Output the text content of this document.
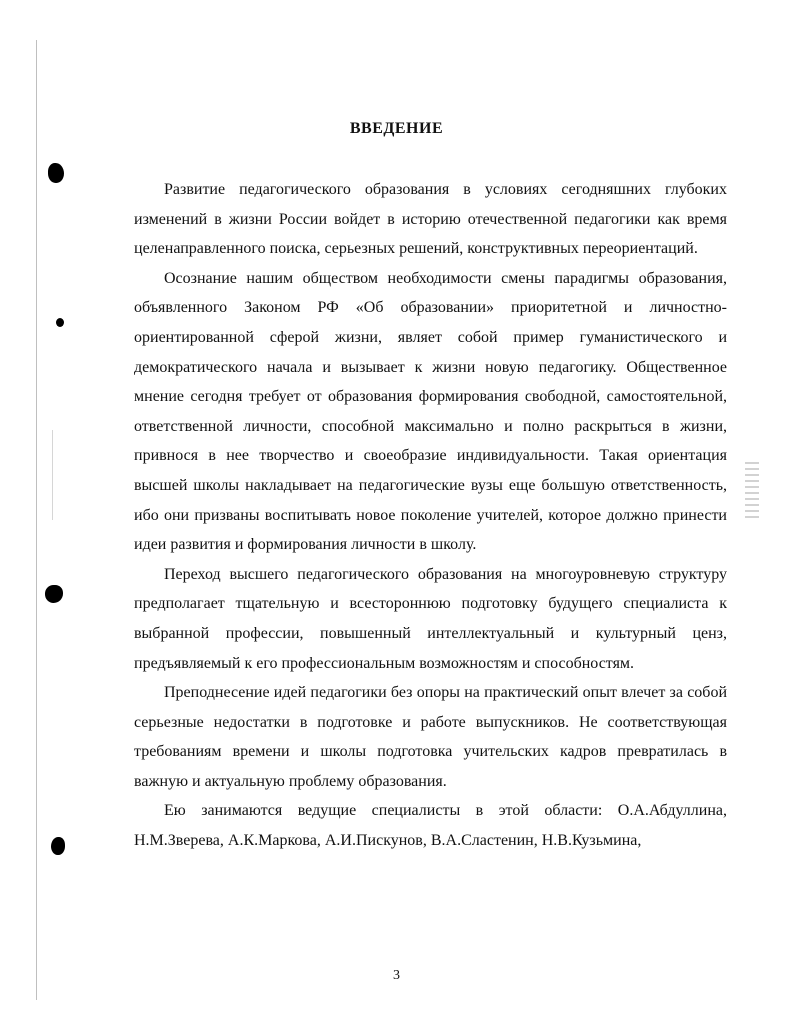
ВВЕДЕНИЕ

Развитие педагогического образования в условиях сегодняшних глубоких изменений в жизни России войдет в историю отечественной педагогики как время целенаправленного поиска, серьезных решений, конструктивных переориентаций.

Осознание нашим обществом необходимости смены парадигмы образования, объявленного Законом РФ «Об образовании» приоритетной и личностно-ориентированной сферой жизни, являет собой пример гуманистического и демократического начала и вызывает к жизни новую педагогику. Общественное мнение сегодня требует от образования формирования свободной, самостоятельной, ответственной личности, способной максимально и полно раскрыться в жизни, привнося в нее творчество и своеобразие индивидуальности. Такая ориентация высшей школы накладывает на педагогические вузы еще большую ответственность, ибо они призваны воспитывать новое поколение учителей, которое должно принести идеи развития и формирования личности в школу.

Переход высшего педагогического образования на многоуровневую структуру предполагает тщательную и всестороннюю подготовку будущего специалиста к выбранной профессии, повышенный интеллектуальный и культурный ценз, предъявляемый к его профессиональным возможностям и способностям.

Преподнесение идей педагогики без опоры на практический опыт влечет за собой серьезные недостатки в подготовке и работе выпускников. Не соответствующая требованиям времени и школы подготовка учительских кадров превратилась в важную и актуальную проблему образования.

Ею занимаются ведущие специалисты в этой области: О.А.Абдуллина, Н.М.Зверева, А.К.Маркова, А.И.Пискунов, В.А.Сластенин, Н.В.Кузьмина,

3
